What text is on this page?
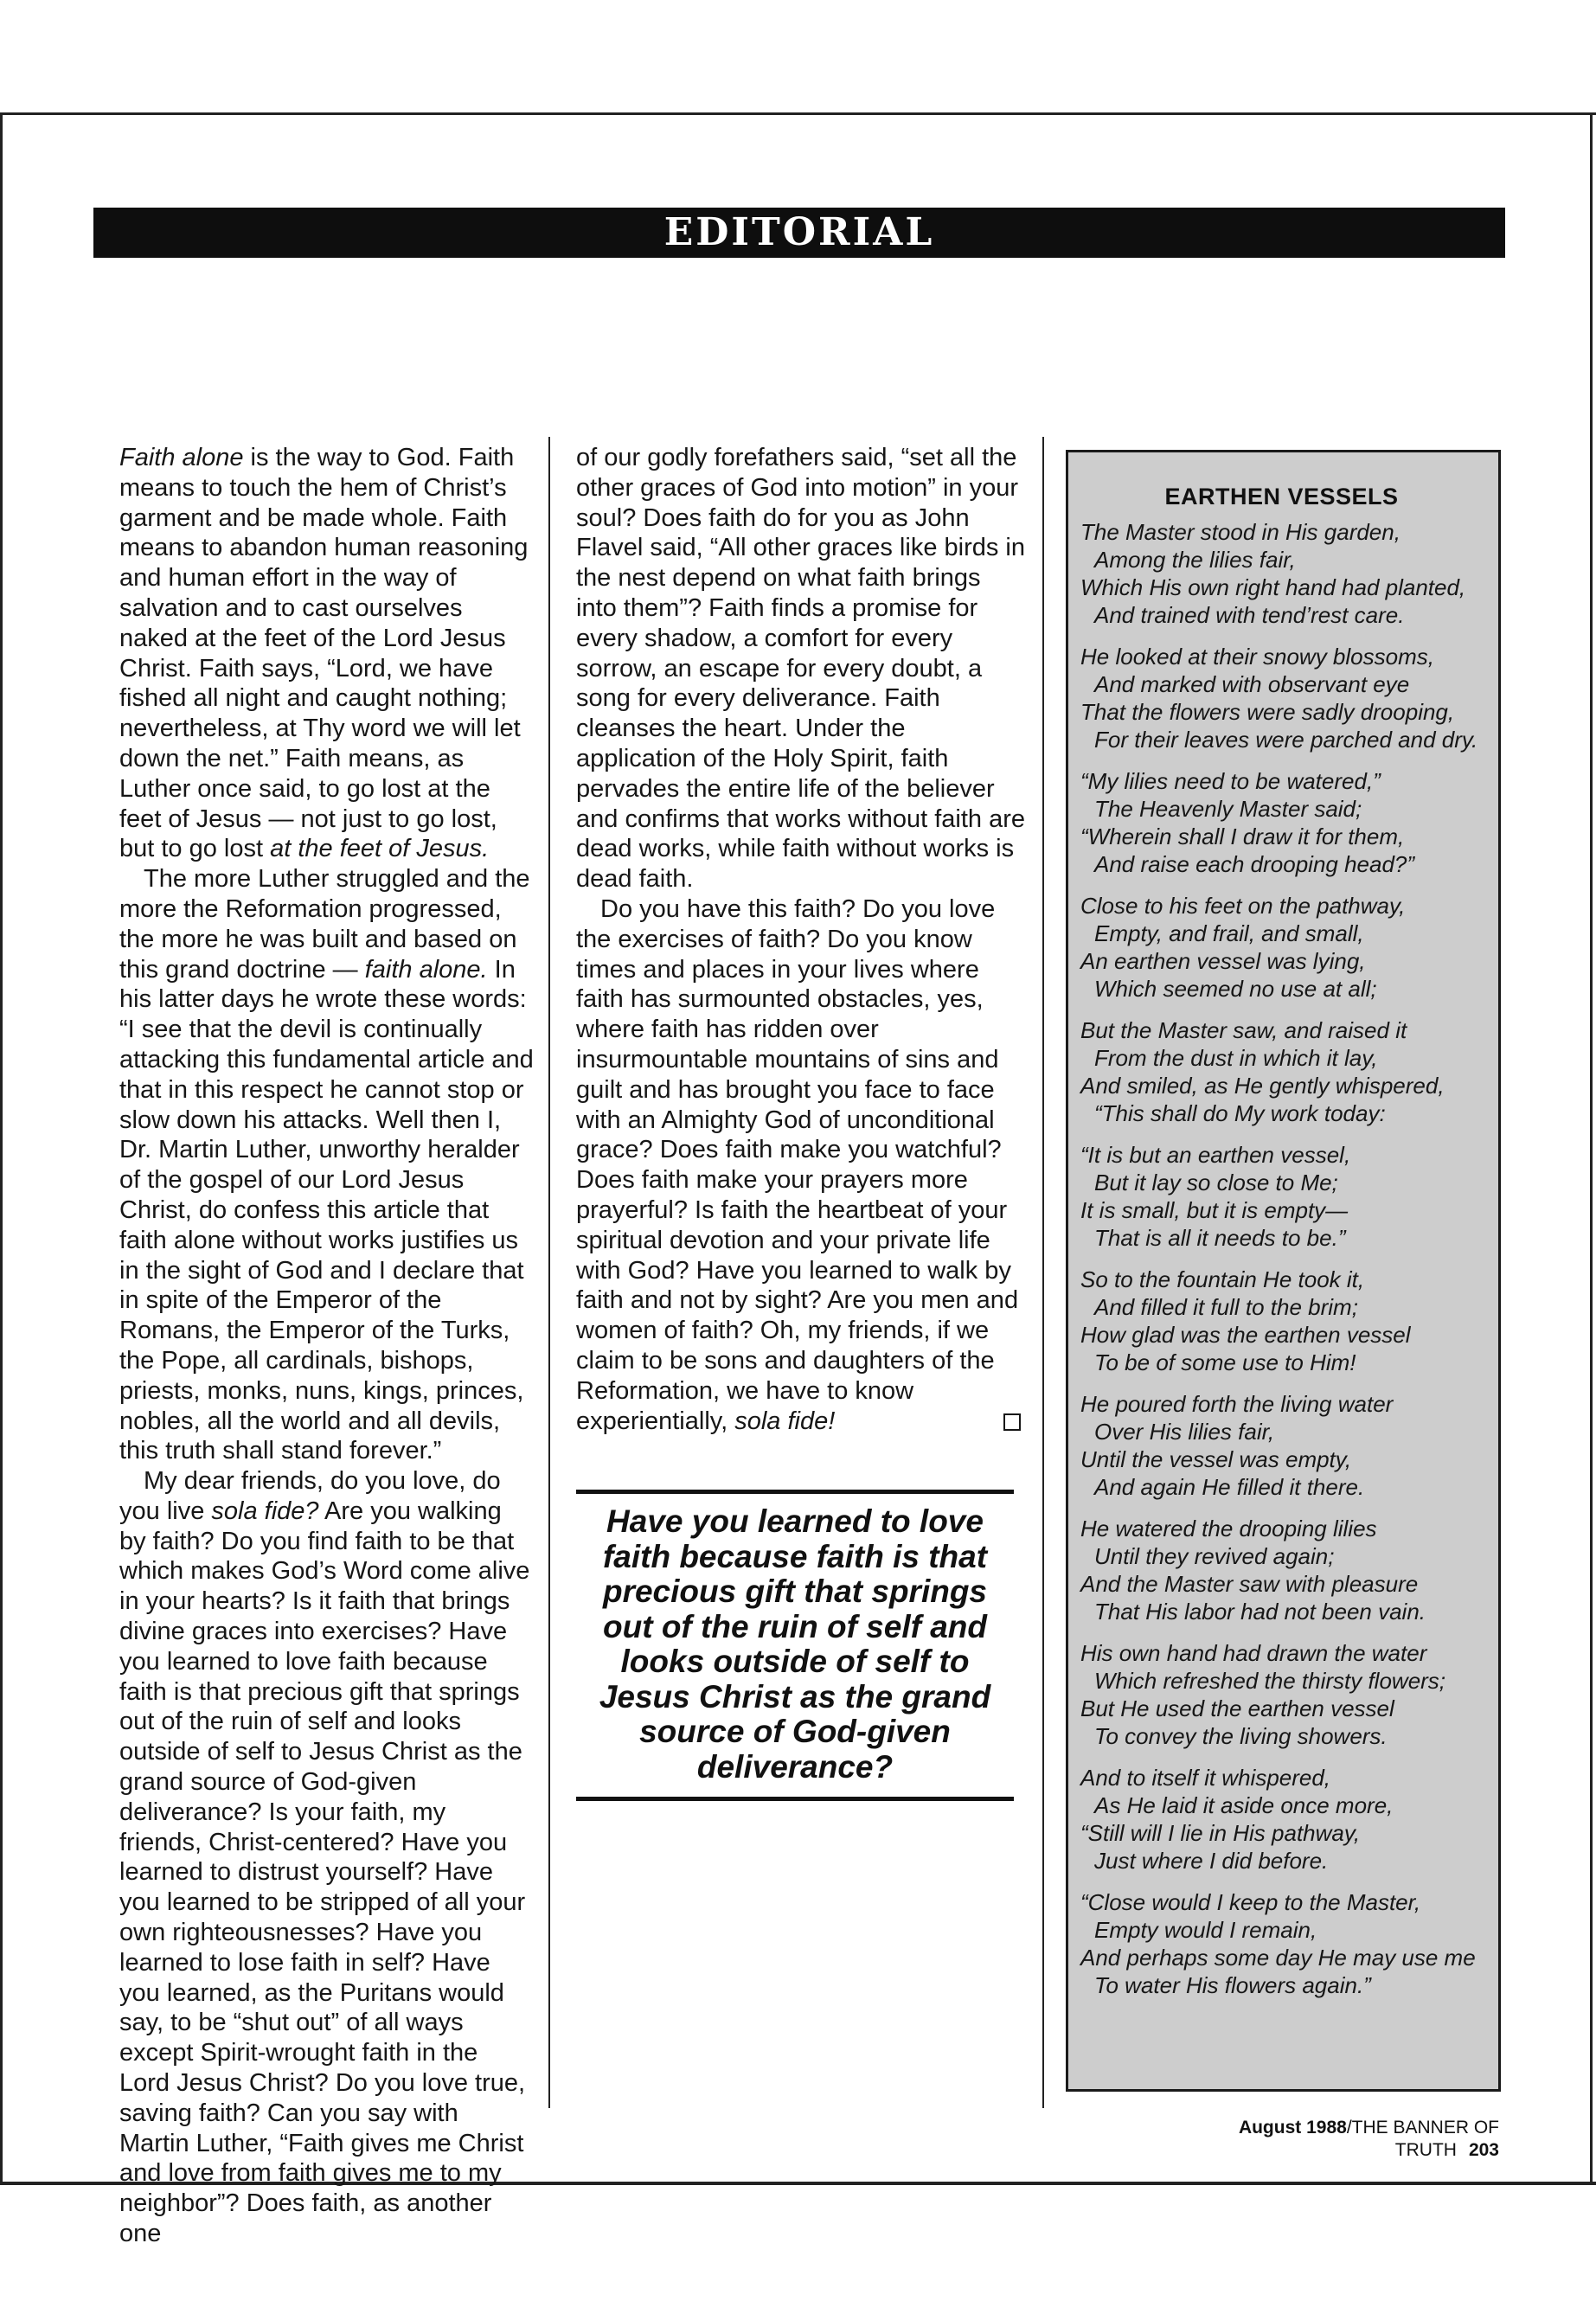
EDITORIAL

Faith alone is the way to God. Faith means to touch the hem of Christ’s garment and be made whole. Faith means to abandon human reasoning and human effort in the way of salvation and to cast ourselves naked at the feet of the Lord Jesus Christ. Faith says, “Lord, we have fished all night and caught nothing; nevertheless, at Thy word we will let down the net.” Faith means, as Luther once said, to go lost at the feet of Jesus — not just to go lost, but to go lost at the feet of Jesus.

The more Luther struggled and the more the Reformation progressed, the more he was built and based on this grand doctrine — faith alone. In his latter days he wrote these words: “I see that the devil is continually attacking this fundamental article and that in this respect he cannot stop or slow down his attacks. Well then I, Dr. Martin Luther, unworthy heralder of the gospel of our Lord Jesus Christ, do confess this article that faith alone without works justifies us in the sight of God and I declare that in spite of the Emperor of the Romans, the Emperor of the Turks, the Pope, all cardinals, bishops, priests, monks, nuns, kings, princes, nobles, all the world and all devils, this truth shall stand forever.”

My dear friends, do you love, do you live sola fide? Are you walking by faith? Do you find faith to be that which makes God’s Word come alive in your hearts? Is it faith that brings divine graces into exercises? Have you learned to love faith because faith is that precious gift that springs out of the ruin of self and looks outside of self to Jesus Christ as the grand source of God-given deliverance? Is your faith, my friends, Christ-centered? Have you learned to distrust yourself? Have you learned to be stripped of all your own righteousnesses? Have you learned to lose faith in self? Have you learned, as the Puritans would say, to be “shut out” of all ways except Spirit-wrought faith in the Lord Jesus Christ? Do you love true, saving faith? Can you say with Martin Luther, “Faith gives me Christ and love from faith gives me to my neighbor”? Does faith, as another one

of our godly forefathers said, “set all the other graces of God into motion” in your soul? Does faith do for you as John Flavel said, “All other graces like birds in the nest depend on what faith brings into them”? Faith finds a promise for every shadow, a comfort for every sorrow, an escape for every doubt, a song for every deliverance. Faith cleanses the heart. Under the application of the Holy Spirit, faith pervades the entire life of the believer and confirms that works without faith are dead works, while faith without works is dead faith.

Do you have this faith? Do you love the exercises of faith? Do you know times and places in your lives where faith has surmounted obstacles, yes, where faith has ridden over insurmountable mountains of sins and guilt and has brought you face to face with an Almighty God of unconditional grace? Does faith make you watchful? Does faith make your prayers more prayerful? Is faith the heartbeat of your spiritual devotion and your private life with God? Have you learned to walk by faith and not by sight? Are you men and women of faith? Oh, my friends, if we claim to be sons and daughters of the Reformation, we have to know experientially, sola fide!

Have you learned to love faith because faith is that precious gift that springs out of the ruin of self and looks outside of self to Jesus Christ as the grand source of God-given deliverance?
EARTHEN VESSELS
The Master stood in His garden,
Among the lilies fair,
Which His own right hand had planted,
And trained with tend’rest care.
He looked at their snowy blossoms,
And marked with observant eye
That the flowers were sadly drooping,
For their leaves were parched and dry.
“My lilies need to be watered,”
The Heavenly Master said;
“Wherein shall I draw it for them,
And raise each drooping head?”
Close to his feet on the pathway,
Empty, and frail, and small,
An earthen vessel was lying,
Which seemed no use at all;
But the Master saw, and raised it
From the dust in which it lay,
And smiled, as He gently whispered,
“This shall do My work today:
“It is but an earthen vessel,
But it lay so close to Me;
It is small, but it is empty—
That is all it needs to be.”
So to the fountain He took it,
And filled it full to the brim;
How glad was the earthen vessel
To be of some use to Him!
He poured forth the living water
Over His lilies fair,
Until the vessel was empty,
And again He filled it there.
He watered the drooping lilies
Until they revived again;
And the Master saw with pleasure
That His labor had not been vain.
His own hand had drawn the water
Which refreshed the thirsty flowers;
But He used the earthen vessel
To convey the living showers.
And to itself it whispered,
As He laid it aside once more,
“Still will I lie in His pathway,
Just where I did before.
“Close would I keep to the Master,
Empty would I remain,
And perhaps some day He may use me
To water His flowers again.”
August 1988/THE BANNER OF TRUTH 203
